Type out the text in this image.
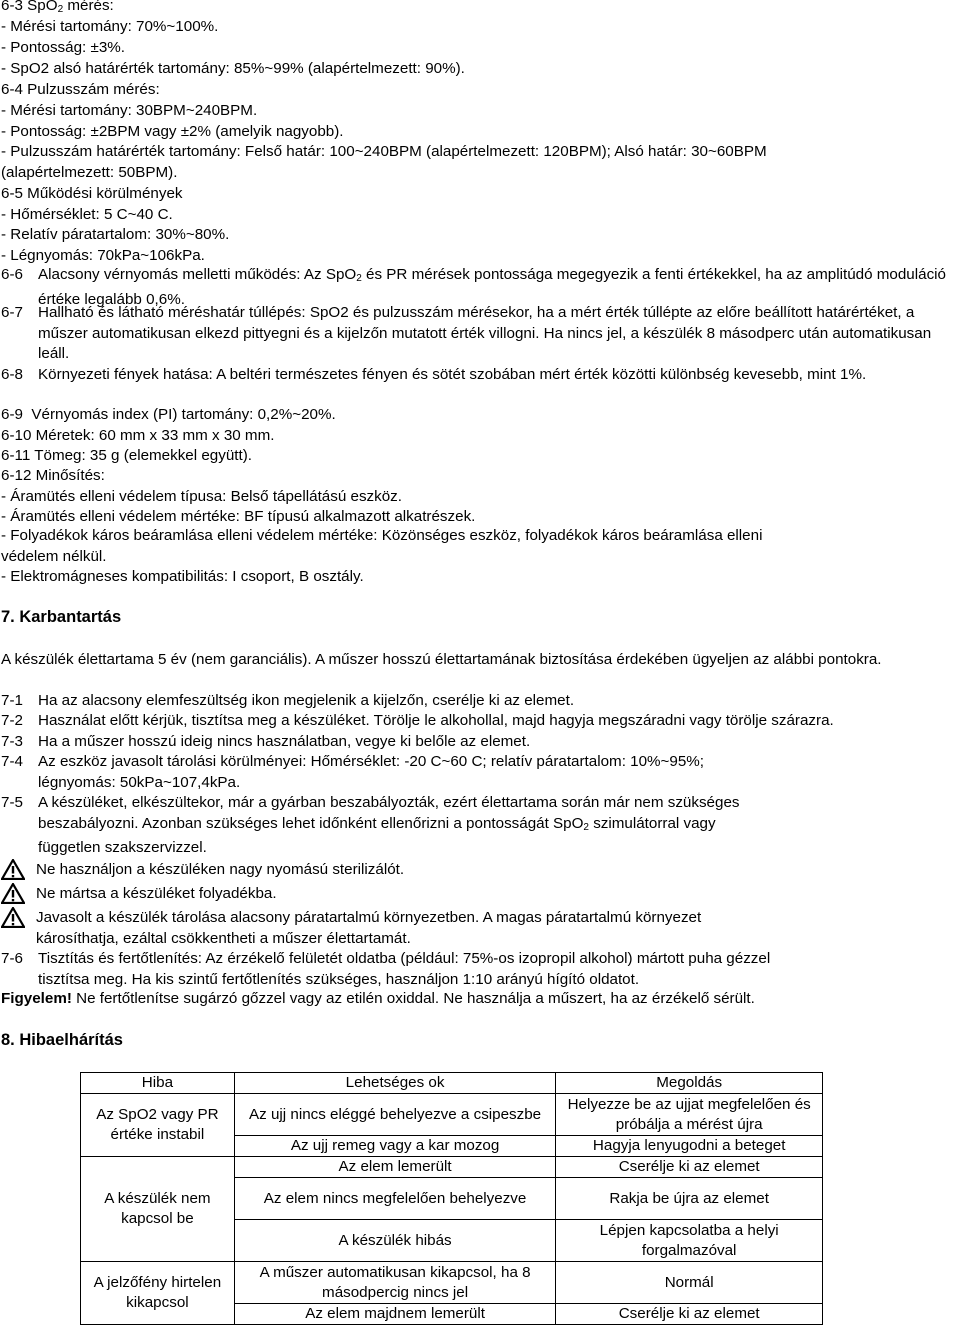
6-3 SpO$_2$ mérés:
- Mérési tartomány: 70%~100%.
- Pontosság: ±3%.
- SpO2 alsó határérték tartomány: 85%~99% (alapértelmezett: 90%).
6-4 Pulzusszám mérés:
- Mérési tartomány: 30BPM~240BPM.
- Pontosság: ±2BPM vagy ±2% (amelyik nagyobb).
- Pulzusszám határérték tartomány: Felső határ: 100~240BPM (alapértelmezett: 120BPM); Alsó határ: 30~60BPM
(alapértelmezett: 50BPM).
6-5 Működési körülmények
- Hőmérséklet: 5 C~40 C.
- Relatív páratartalom: 30%~80%.
- Légnyomás: 70kPa~106kPa.
6-6 Alacsony vérnyomás melletti működés: Az SpO$_2$ és PR mérések pontossága megegyezik a fenti értékekkel, ha az amplitúdó moduláció értéke legalább 0,6%.
6-7 Hallható és látható méréshatár túllépés: SpO2 és pulzusszám mérésekor, ha a mért érték túllépte az előre beállított határértéket, a műszer automatikusan elkezd pittyegni és a kijelzőn mutatott érték villogni. Ha nincs jel, a készülék 8 másodperc után automatikusan leáll.
6-8 Környezeti fények hatása: A beltéri természetes fényen és sötét szobában mért érték közötti különbség kevesebb, mint 1%.
6-9  Vérnyomás index (PI) tartomány: 0,2%~20%.
6-10 Méretek: 60 mm x 33 mm x 30 mm.
6-11 Tömeg: 35 g (elemekkel együtt).
6-12 Minősítés:
- Áramütés elleni védelem típusa: Belső tápellátású eszköz.
- Áramütés elleni védelem mértéke: BF típusú alkalmazott alkatrészek.
- Folyadékok káros beáramlása elleni védelem mértéke: Közönséges eszköz, folyadékok káros beáramlása elleni
védelem nélkül.
- Elektromágneses kompatibilitás: I csoport, B osztály.
7. Karbantartás
A készülék élettartama 5 év (nem garanciális). A műszer hosszú élettartamának biztosítása érdekében ügyeljen az alábbi pontokra.
7-1 Ha az alacsony elemfeszültség ikon megjelenik a kijelzőn, cserélje ki az elemet.
7-2 Használat előtt kérjük, tisztítsa meg a készüléket. Törölje le alkohollal, majd hagyja megszáradni vagy törölje szárazra.
7-3 Ha a műszer hosszú ideig nincs használatban, vegye ki belőle az elemet.
7-4 Az eszköz javasolt tárolási körülményei: Hőmérséklet: -20 C~60 C; relatív páratartalom: 10%~95%;
légnyomás: 50kPa~107,4kPa.
7-5 A készüléket, elkészültekor, már a gyárban beszabályozták, ezért élettartama során már nem szükséges
beszabályozni. Azonban szükséges lehet időnként ellenőrizni a pontosságát SpO$_2$ szimulátorral vagy
független szakszervizzel.
Ne használjon a készüléken nagy nyomású sterilizálót.
Ne mártsa a készüléket folyadékba.
Javasolt a készülék tárolása alacsony páratartalmú környezetben. A magas páratartalmú környezet
károsíthatja, ezáltal csökkentheti a műszer élettartamát.
7-6 Tisztítás és fertőtlenítés: Az érzékelő felületét oldatba (például: 75%-os izopropil alkohol) mártott puha gézzel
tisztítsa meg. Ha kis szintű fertőtlenítés szükséges, használjon 1:10 arányú hígító oldatot.
Figyelem! Ne fertőtlenítse sugárzó gőzzel vagy az etilén oxiddal. Ne használja a műszert, ha az érzékelő sérült.
8. Hibaelhárítás
Hiba	Lehetséges ok	Megoldás
Az SpO2 vagy PR értéke instabil	Az ujj nincs eléggé behelyezve a csipeszbe	Helyezze be az ujjat megfelelően és próbálja a mérést újra
	Az ujj remeg vagy a kar mozog	Hagyja lenyugodni a beteget
A készülék nem kapcsol be	Az elem lemerült	Cserélje ki az elemet
	Az elem nincs megfelelően behelyezve	Rakja be újra az elemet
	A készülék hibás	Lépjen kapcsolatba a helyi forgalmazóval
A jelzőfény hirtelen kikapcsol	A műszer automatikusan kikapcsol, ha 8 másodpercig nincs jel	Normál
	Az elem majdnem lemerült	Cserélje ki az elemet
